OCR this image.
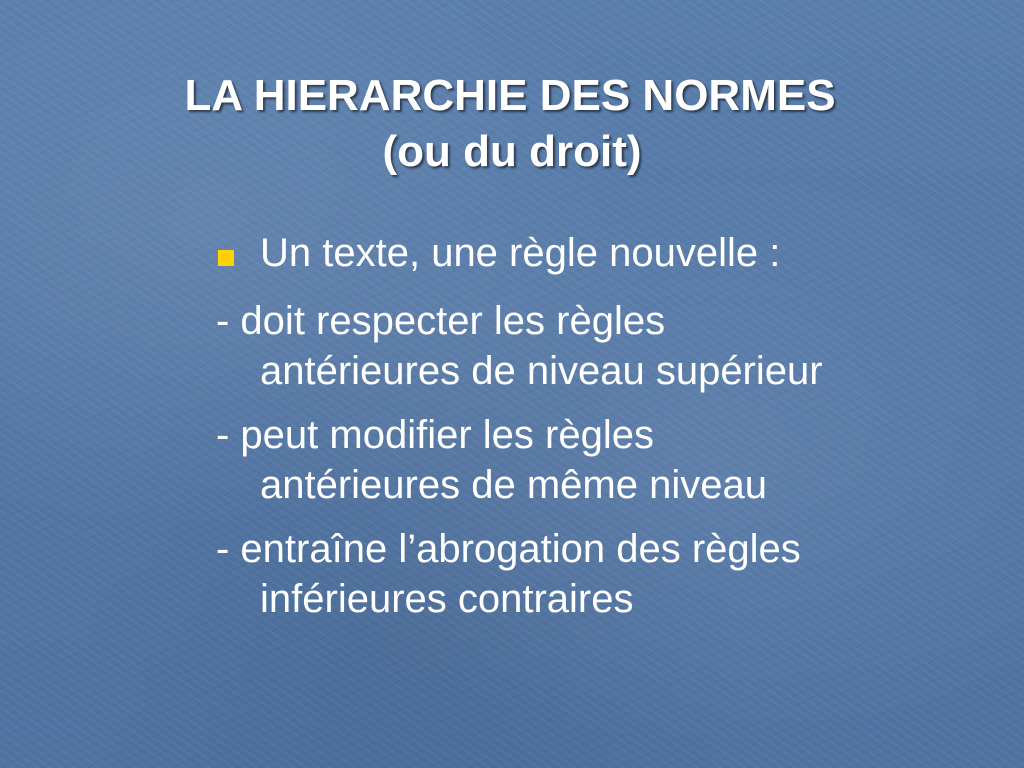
LA HIERARCHIE DES NORMES
(ou du droit)
Un texte, une règle nouvelle :
- doit respecter les règles
antérieures de niveau supérieur
- peut modifier les règles
antérieures de même niveau
- entraîne l’abrogation des règles
inférieures contraires
